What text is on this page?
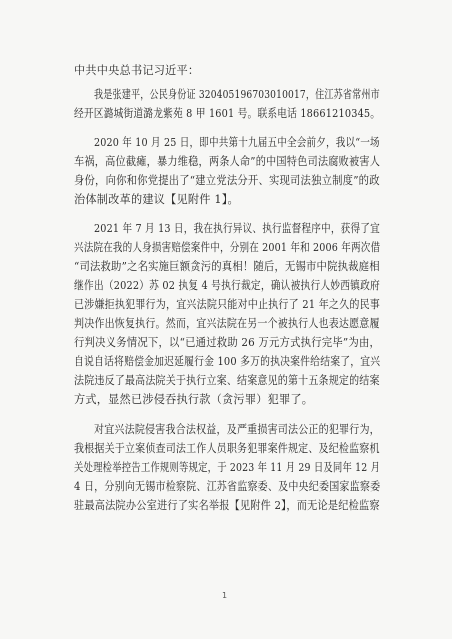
中共中央总书记习近平：
我是张建平，公民身份证 320405196703010017，住江苏省常州市
经开区潞城街道潞龙紫苑 8 甲 1601 号。联系电话 18661210345。
2020 年 10 月 25 日，即中共第十九届五中全会前夕，我以“一场
车祸，高位截瘫，暴力维稳，两条人命”的中国特色司法腐败被害人
身份，向你和你党提出了“建立党法分开、实现司法独立制度”的政
治体制改革的建议【见附件 1】。
2021 年 7 月 13 日，我在执行异议、执行监督程序中，获得了宜
兴法院在我的人身损害赔偿案件中，分别在 2001 年和 2006 年两次借
“司法救助”之名实施巨额贪污的真相！随后，无锡市中院执裁庭相
继作出（2022）苏 02 执复 4 号执行裁定，确认被执行人妙西镇政府
已涉嫌拒执犯罪行为，宜兴法院只能对中止执行了 21 年之久的民事
判决作出恢复执行。然而，宜兴法院在另一个被执行人也表达愿意履
行判决义务情况下，以“已通过救助 26 万元方式执行完毕”为由，
自说自话将赔偿金加迟延履行金 100 多万的执决案件给结案了，宜兴
法院违反了最高法院关于执行立案、结案意见的第十五条规定的结案
方式，显然已涉侵吞执行款（贪污罪）犯罪了。
对宜兴法院侵害我合法权益，及严重损害司法公正的犯罪行为，
我根据关于立案侦查司法工作人员职务犯罪案件规定、及纪检监察机
关处理检举控告工作规则等规定，于 2023 年 11 月 29 日及同年 12 月
4 日，分别向无锡市检察院、江苏省监察委、及中央纪委国家监察委
驻最高法院办公室进行了实名举报【见附件 2】，而无论是纪检监察
1
